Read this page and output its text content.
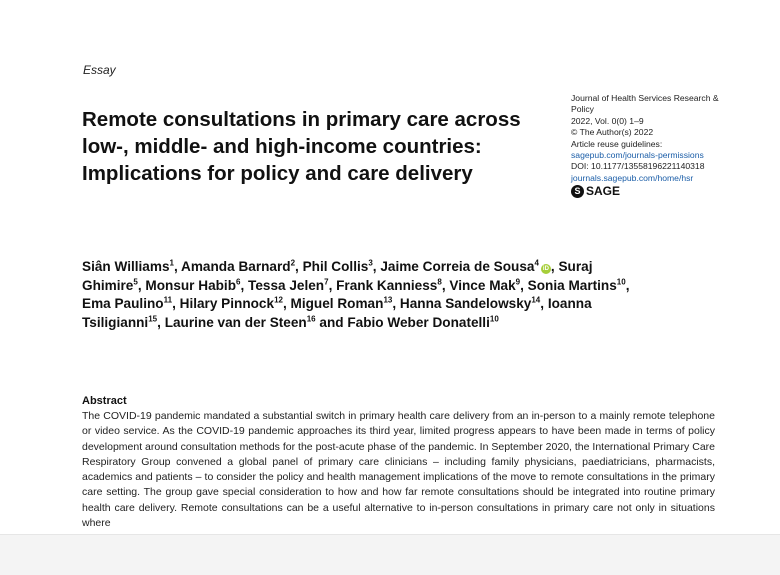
Essay
Remote consultations in primary care across low-, middle- and high-income countries: Implications for policy and care delivery
Journal of Health Services Research &
Policy
2022, Vol. 0(0) 1–9
© The Author(s) 2022
Article reuse guidelines:
sagepub.com/journals-permissions
DOI: 10.1177/13558196221140318
journals.sagepub.com/home/hsr
S SAGE

Siân Williams$^1$, Amanda Barnard$^2$, Phil Collis$^3$, Jaime Correia de Sousa$^4$iD , Suraj Ghimire$^5$, Monsur Habib$^6$, Tessa Jelen$^7$, Frank Kanniess$^8$, Vince Mak$^9$, Sonia Martins$^{10}$, Ema Paulino$^{11}$, Hilary Pinnock$^{12}$, Miguel Roman$^{13}$, Hanna Sandelowsky$^{14}$, Ioanna Tsiligianni$^{15}$, Laurine van der Steen$^{16}$ and Fabio Weber Donatelli$^{10}$

Abstract

The COVID-19 pandemic mandated a substantial switch in primary health care delivery from an in-person to a mainly remote telephone or video service. As the COVID-19 pandemic approaches its third year, limited progress appears to have been made in terms of policy development around consultation methods for the post-acute phase of the pandemic. In September 2020, the International Primary Care Respiratory Group convened a global panel of primary care clinicians – including family physicians, paediatricians, pharmacists, academics and patients – to consider the policy and health management implications of the move to remote consultations in the primary care setting. The group gave special consideration to how and how far remote consultations should be integrated into routine primary health care delivery. Remote consultations can be a useful alternative to in-person consultations in primary care not only in situations where
